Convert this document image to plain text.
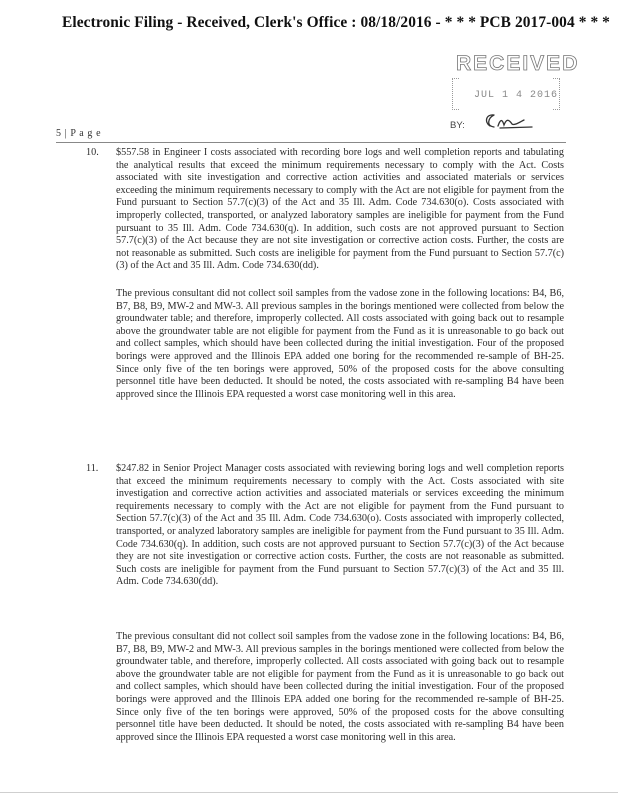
Electronic Filing - Received, Clerk's Office : 08/18/2016 - * * * PCB 2017-004 * * *
RECEIVED
JUL 1 4 2016
BY:
5 | P a g e
10. $557.58 in Engineer I costs associated with recording bore logs and well completion reports and tabulating the analytical results that exceed the minimum requirements necessary to comply with the Act. Costs associated with site investigation and corrective action activities and associated materials or services exceeding the minimum requirements necessary to comply with the Act are not eligible for payment from the Fund pursuant to Section 57.7(c)(3) of the Act and 35 Ill. Adm. Code 734.630(o). Costs associated with improperly collected, transported, or analyzed laboratory samples are ineligible for payment from the Fund pursuant to 35 Ill. Adm. Code 734.630(q). In addition, such costs are not approved pursuant to Section 57.7(c)(3) of the Act because they are not site investigation or corrective action costs. Further, the costs are not reasonable as submitted. Such costs are ineligible for payment from the Fund pursuant to Section 57.7(c)(3) of the Act and 35 Ill. Adm. Code 734.630(dd).

The previous consultant did not collect soil samples from the vadose zone in the following locations: B4, B6, B7, B8, B9, MW-2 and MW-3. All previous samples in the borings mentioned were collected from below the groundwater table; and therefore, improperly collected. All costs associated with going back out to resample above the groundwater table are not eligible for payment from the Fund as it is unreasonable to go back out and collect samples, which should have been collected during the initial investigation. Four of the proposed borings were approved and the Illinois EPA added one boring for the recommended re-sample of BH-25. Since only five of the ten borings were approved, 50% of the proposed costs for the above consulting personnel title have been deducted. It should be noted, the costs associated with re-sampling B4 have been approved since the Illinois EPA requested a worst case monitoring well in this area.

11. $247.82 in Senior Project Manager costs associated with reviewing boring logs and well completion reports that exceed the minimum requirements necessary to comply with the Act. Costs associated with site investigation and corrective action activities and associated materials or services exceeding the minimum requirements necessary to comply with the Act are not eligible for payment from the Fund pursuant to Section 57.7(c)(3) of the Act and 35 Ill. Adm. Code 734.630(o). Costs associated with improperly collected, transported, or analyzed laboratory samples are ineligible for payment from the Fund pursuant to 35 Ill. Adm. Code 734.630(q). In addition, such costs are not approved pursuant to Section 57.7(c)(3) of the Act because they are not site investigation or corrective action costs. Further, the costs are not reasonable as submitted. Such costs are ineligible for payment from the Fund pursuant to Section 57.7(c)(3) of the Act and 35 Ill. Adm. Code 734.630(dd).

The previous consultant did not collect soil samples from the vadose zone in the following locations: B4, B6, B7, B8, B9, MW-2 and MW-3. All previous samples in the borings mentioned were collected from below the groundwater table, and therefore, improperly collected. All costs associated with going back out to resample above the groundwater table are not eligible for payment from the Fund as it is unreasonable to go back out and collect samples, which should have been collected during the initial investigation. Four of the proposed borings were approved and the Illinois EPA added one boring for the recommended re-sample of BH-25. Since only five of the ten borings were approved, 50% of the proposed costs for the above consulting personnel title have been deducted. It should be noted, the costs associated with re-sampling B4 have been approved since the Illinois EPA requested a worst case monitoring well in this area.
